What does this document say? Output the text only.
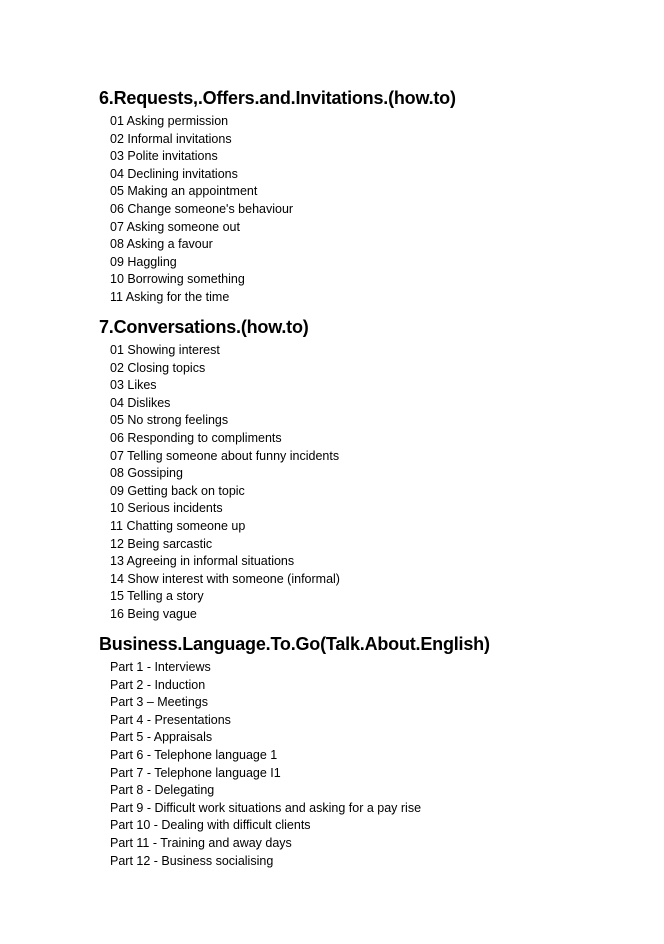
6.Requests,.Offers.and.Invitations.(how.to)
01 Asking permission
02 Informal invitations
03 Polite invitations
04 Declining invitations
05 Making an appointment
06 Change someone's behaviour
07 Asking someone out
08 Asking a favour
09 Haggling
10 Borrowing something
11 Asking for the time
7.Conversations.(how.to)
01 Showing interest
02 Closing topics
03 Likes
04 Dislikes
05 No strong feelings
06 Responding to compliments
07 Telling someone about funny incidents
08 Gossiping
09 Getting back on topic
10 Serious incidents
11 Chatting someone up
12 Being sarcastic
13 Agreeing in informal situations
14 Show interest with someone (informal)
15 Telling a story
16 Being vague
Business.Language.To.Go(Talk.About.English)
Part 1 - Interviews
Part 2 - Induction
Part 3 – Meetings
Part 4 - Presentations
Part 5 - Appraisals
Part 6 - Telephone language 1
Part 7 - Telephone language I1
Part 8 - Delegating
Part 9 - Difficult work situations and asking for a pay rise
Part 10 - Dealing with difficult clients
Part 11 - Training and away days
Part 12 - Business socialising
